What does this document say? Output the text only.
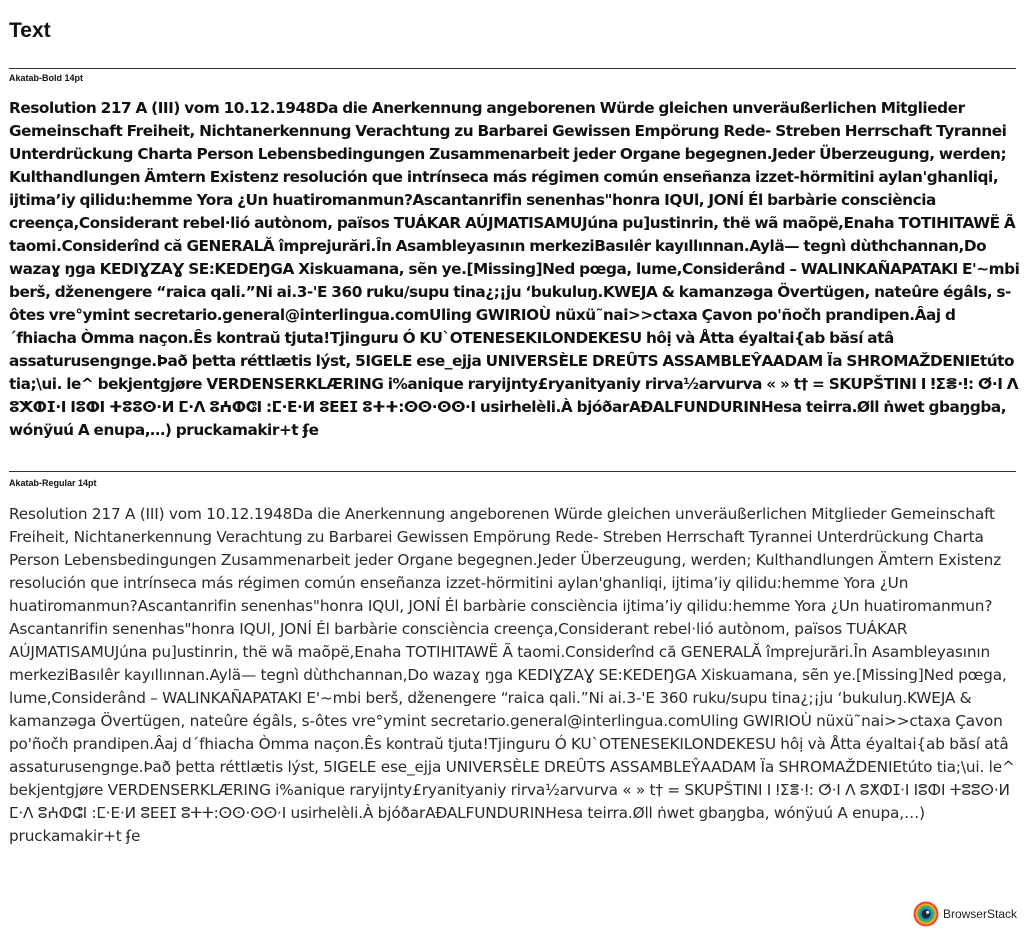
Text
Akatab-Bold 14pt

Resolution 217 A (III) vom 10.12.1948Da die Anerkennung angeborenen Würde gleichen unveräußerlichen Mitglieder Gemeinschaft Freiheit, Nichtanerkennung Verachtung zu Barbarei Gewissen Empörung Rede- Streben Herrschaft Tyrannei Unterdrückung Charta Person Lebensbedingungen Zusammenarbeit jeder Organe begegnen.Jeder Überzeugung, werden; Kulthandlungen Ämtern Existenz resolución que intrínseca más régimen común enseñanza izzet-hörmitini aylan'ghanliqi, ijtima’iy qilidu:hemme Yora ¿Un huatiromanmun?Ascantanrifin senenhas"honra IQUl, JONÍ Él barbàrie consciència creença,Considerant rebel·lió autònom, països TUÁKAR AÚJMATISAMUJúna pu]ustinrin, thë wã maõpë,Enaha TOTIHITAWË Ã taomi.Considerînd că GENERALĂ împrejurări.În Asambleyasının merkeziBasılêr kayıllınnan.Aylä— tegnì dùthchannan,Do wazaɣ ŋga KEDIƔZAƔ SE:KEDEŊGA Xiskuamana, sẽn ye.[Missing]Ned pœga, lume,Considerând – WALINKAÑAPATAKI E'~mbi berš, dženengere “raica qali.”Ni ai.3-'E 360 ruku/supu tina¿;¡ju ‘bukuluŋ.KWEJA & kamanzəga Övertügen, nateûre égâls, s-ôtes vre°ymint secretario.general@interlingua.comUling GWIRIOÙ nüxü˜nai>>ctaxa Çavon po'ñočh prandipen.Âaj d´fhiacha Òmma naçon.Ês kontraŭ tjuta!Tjinguru Ó KU`OTENESEKILONDEKESU hôị và Åtta éyaltai{ab băsí atâ assaturusengnge.Það þetta réttlætis lýst, 5IGELE ese_ejja UNIVERSÈLE DREÛTS ASSAMBLEŶAADAM Ïa SHROMAŽDENIEtúto tia;\ui. le^ bekjentgjøre VERDENSERKLÆRING i%anique raryijnty£ryanityaniy rirva½arvurva « » t† = SKUPŠTINI ⵏ ⵑⵉⴻ·ⵑ: ⵚ·ⵏ ⴷ ⵓⵅⵀⵊ·ⵏ ⵏⵓⵀⵏ ⵜⵓⵓⵙ·ⵍ ⵎ·ⴷ ⵓⵄⵀⵛⵏ :ⵎ·ⴹ·ⵍ ⵓⴹⴹⵊ ⵓⵜⵜ:ⵙⵙ·ⵙⵙ·ⵏ usirhelèli.À bjóðarAÐALFUNDURINHesa teirra.Øll ṅwet gbaŋgba, wónÿuú A enupa,…) pruckamakir+t ʄe

Akatab-Regular 14pt

Resolution 217 A (III) vom 10.12.1948Da die Anerkennung angeborenen Würde gleichen unveräußerlichen Mitglieder Gemeinschaft Freiheit, Nichtanerkennung Verachtung zu Barbarei Gewissen Empörung Rede- Streben Herrschaft Tyrannei Unterdrückung Charta Person Lebensbedingungen Zusammenarbeit jeder Organe begegnen.Jeder Überzeugung, werden; Kulthandlungen Ämtern Existenz resolución que intrínseca más régimen común enseñanza izzet-hörmitini aylan'ghanliqi, ijtima’iy qilidu:hemme Yora ¿Un huatiromanmun?Ascantanrifin senenhas"honra IQUl, JONÍ Él barbàrie consciència ijtima’iy qilidu:hemme Yora ¿Un huatiromanmun?Ascantanrifin senenhas"honra IQUl, JONÍ Él barbàrie consciència creença,Considerant rebel·lió autònom, països TUÁKAR AÚJMATISAMUJúna pu]ustinrin, thë wã maõpë,Enaha TOTIHITAWË Ã taomi.Considerînd că GENERALĂ împrejurări.În Asambleyasının merkeziBasılêr kayıllınnan.Aylä— tegnì dùthchannan,Do wazaɣ ŋga KEDIƔZAƔ SE:KEDEŊGA Xiskuamana, sẽn ye.[Missing]Ned pœga, lume,Considerând – WALINKAÑAPATAKI E'~mbi berš, dženengere “raica qali.”Ni ai.3-'E 360 ruku/supu tina¿;¡ju ‘bukuluŋ.KWEJA & kamanzəga Övertügen, nateûre égâls, s-ôtes vre°ymint secretario.general@interlingua.comUling GWIRIOÙ nüxü˜nai>>ctaxa Çavon po'ñočh prandipen.Âaj d´fhiacha Òmma naçon.Ês kontraŭ tjuta!Tjinguru Ó KU`OTENESEKILONDEKESU hôị và Åtta éyaltai{ab băsí atâ assaturusengnge.Það þetta réttlætis lýst, 5IGELE ese_ejja UNIVERSÈLE DREÛTS ASSAMBLEŶAADAM Ïa SHROMAŽDENIEtúto tia;\ui. le^ bekjentgjøre VERDENSERKLÆRING i%anique raryijnty£ryanityaniy rirva½arvurva « » t† = SKUPŠTINI ⵏ ⵑⵉⴻ·ⵑ: ⵚ·ⵏ ⴷ ⵓⵅⵀⵊ·ⵏ ⵏⵓⵀⵏ ⵜⵓⵓⵙ·ⵍ ⵎ·ⴷ ⵓⵄⵀⵛⵏ :ⵎ·ⴹ·ⵍ ⵓⴹⴹⵊ ⵓⵜⵜ:ⵙⵙ·ⵙⵙ·ⵏ usirhelèli.À bjóðarAÐALFUNDURINHesa teirra.Øll ṅwet gbaŋgba, wónÿuú A enupa,…) pruckamakir+t ʄe

BrowserStack
